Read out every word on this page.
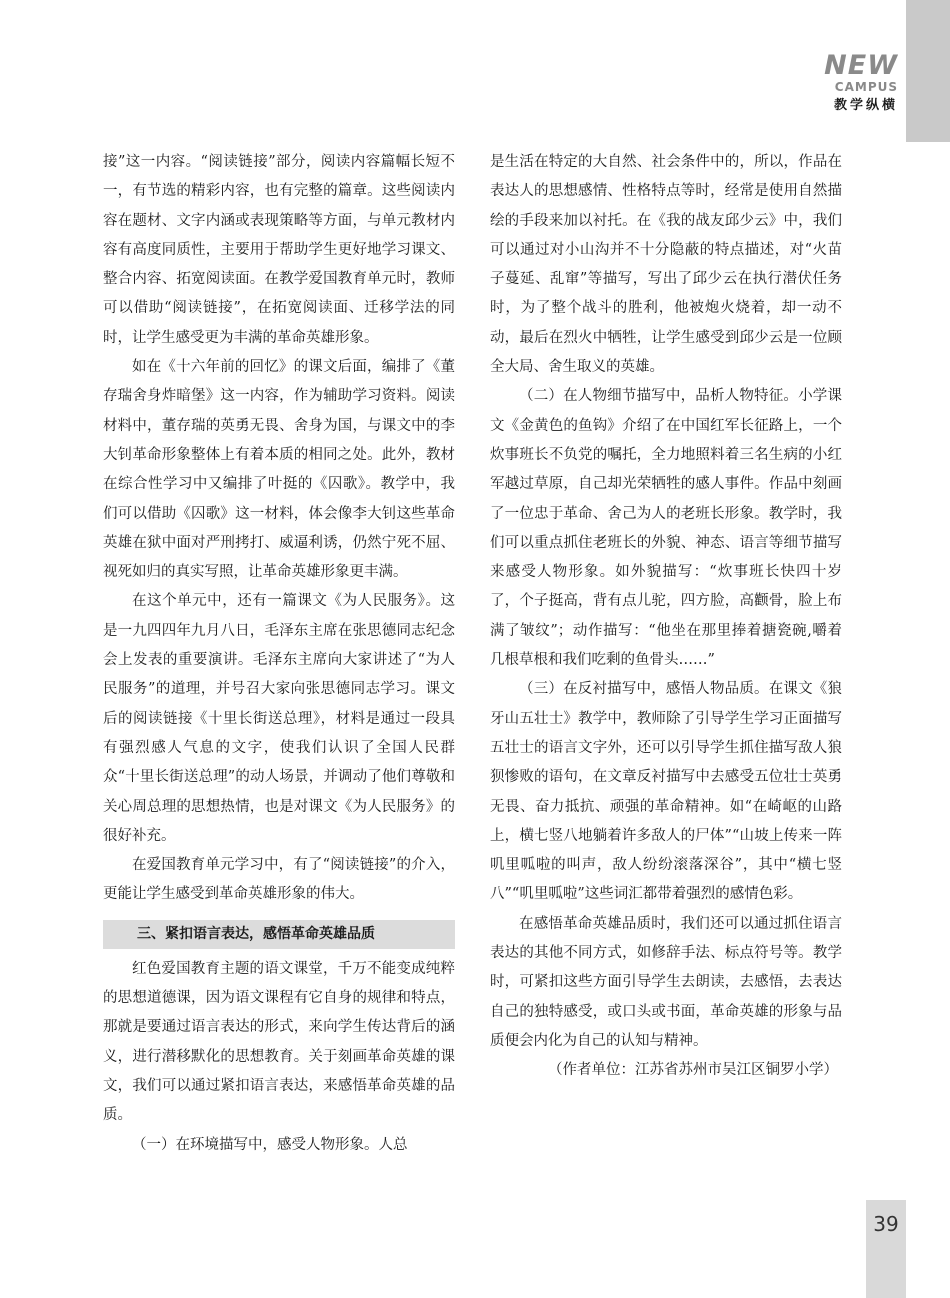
NEW
CAMPUS
教学纵横

接”这一内容。“阅读链接”部分，阅读内容篇幅长短不一，有节选的精彩内容，也有完整的篇章。这些阅读内容在题材、文字内涵或表现策略等方面，与单元教材内容有高度同质性，主要用于帮助学生更好地学习课文、整合内容、拓宽阅读面。在教学爱国教育单元时，教师可以借助“阅读链接”，在拓宽阅读面、迁移学法的同时，让学生感受更为丰满的革命英雄形象。

如在《十六年前的回忆》的课文后面，编排了《董存瑞舍身炸暗堡》这一内容，作为辅助学习资料。阅读材料中，董存瑞的英勇无畏、舍身为国，与课文中的李大钊革命形象整体上有着本质的相同之处。此外，教材在综合性学习中又编排了叶挺的《囚歌》。教学中，我们可以借助《囚歌》这一材料，体会像李大钊这些革命英雄在狱中面对严刑拷打、威逼利诱，仍然宁死不屈、视死如归的真实写照，让革命英雄形象更丰满。

在这个单元中，还有一篇课文《为人民服务》。这是一九四四年九月八日，毛泽东主席在张思德同志纪念会上发表的重要演讲。毛泽东主席向大家讲述了“为人民服务”的道理，并号召大家向张思德同志学习。课文后的阅读链接《十里长街送总理》，材料是通过一段具有强烈感人气息的文字，使我们认识了全国人民群众“十里长街送总理”的动人场景，并调动了他们尊敬和关心周总理的思想热情，也是对课文《为人民服务》的很好补充。

在爱国教育单元学习中，有了“阅读链接”的介入，更能让学生感受到革命英雄形象的伟大。

三、紧扣语言表达，感悟革命英雄品质

红色爱国教育主题的语文课堂，千万不能变成纯粹的思想道德课，因为语文课程有它自身的规律和特点，那就是要通过语言表达的形式，来向学生传达背后的涵义，进行潜移默化的思想教育。关于刻画革命英雄的课文，我们可以通过紧扣语言表达，来感悟革命英雄的品质。

（一）在环境描写中，感受人物形象。人总

是生活在特定的大自然、社会条件中的，所以，作品在表达人的思想感情、性格特点等时，经常是使用自然描绘的手段来加以衬托。在《我的战友邱少云》中，我们可以通过对小山沟并不十分隐蔽的特点描述，对“火苗子蔓延、乱窜”等描写，写出了邱少云在执行潜伏任务时，为了整个战斗的胜利，他被炮火烧着，却一动不动，最后在烈火中牺牲，让学生感受到邱少云是一位顾全大局、舍生取义的英雄。

（二）在人物细节描写中，品析人物特征。小学课文《金黄色的鱼钩》介绍了在中国红军长征路上，一个炊事班长不负党的嘱托，全力地照料着三名生病的小红军越过草原，自己却光荣牺牲的感人事件。作品中刻画了一位忠于革命、舍己为人的老班长形象。教学时，我们可以重点抓住老班长的外貌、神态、语言等细节描写来感受人物形象。如外貌描写：“炊事班长快四十岁了，个子挺高，背有点儿驼，四方脸，高颧骨，脸上布满了皱纹”；动作描写：“他坐在那里捧着搪瓷碗,嚼着几根草根和我们吃剩的鱼骨头……”

（三）在反衬描写中，感悟人物品质。在课文《狼牙山五壮士》教学中，教师除了引导学生学习正面描写五壮士的语言文字外，还可以引导学生抓住描写敌人狼狈惨败的语句，在文章反衬描写中去感受五位壮士英勇无畏、奋力抵抗、顽强的革命精神。如“在崎岖的山路上，横七竖八地躺着许多敌人的尸体”“山坡上传来一阵叽里呱啦的叫声，敌人纷纷滚落深谷”，其中“横七竖八”“叽里呱啦”这些词汇都带着强烈的感情色彩。

在感悟革命英雄品质时，我们还可以通过抓住语言表达的其他不同方式，如修辞手法、标点符号等。教学时，可紧扣这些方面引导学生去朗读，去感悟，去表达自己的独特感受，或口头或书面，革命英雄的形象与品质便会内化为自己的认知与精神。

（作者单位：江苏省苏州市吴江区铜罗小学）

39
